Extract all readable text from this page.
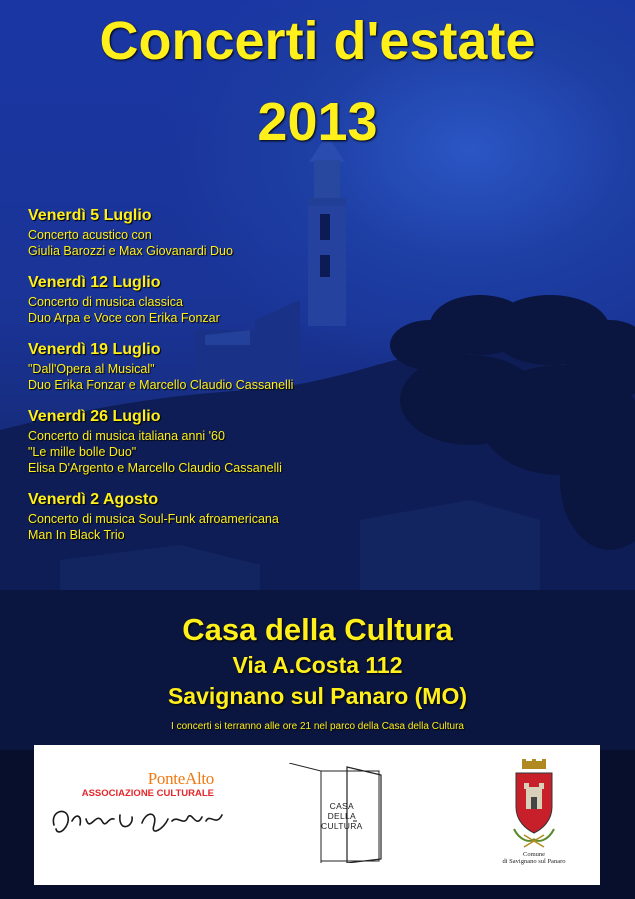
Concerti d'estate
2013
Venerdì 5 Luglio
Concerto acustico con
Giulia Barozzi e Max Giovanardi Duo
Venerdì 12 Luglio
Concerto di musica classica
Duo Arpa e Voce con Erika Fonzar
Venerdì 19 Luglio
"Dall'Opera al Musical"
Duo Erika Fonzar e Marcello Claudio Cassanelli
Venerdì 26 Luglio
Concerto di musica italiana anni '60
"Le mille bolle Duo"
Elisa D'Argento e Marcello Claudio Cassanelli
Venerdì 2 Agosto
Concerto di musica Soul-Funk afroamericana
Man In Black Trio
Casa della Cultura
Via A.Costa 112
Savignano sul Panaro (MO)
I concerti si terranno alle ore 21 nel parco della Casa della Cultura
PonteAlto
ASSOCIAZIONE CULTURALE
CASA
DELLA
CULTURA
Comune
di Savignano sul Panaro
